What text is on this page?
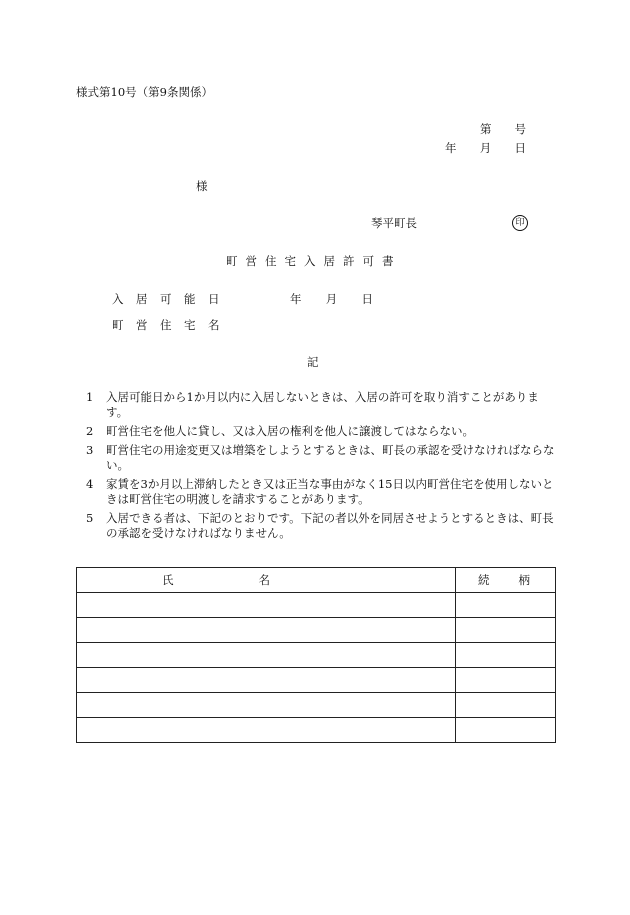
様式第10号（第9条関係）
第 号
年 月 日
様
琴平町長	印
町営住宅入居許可書
入居可能日	年 月 日
町営住宅名
記
1	入居可能日から1か月以内に入居しないときは、入居の許可を取り消すことがあります。
2	町営住宅を他人に貸し、又は入居の権利を他人に譲渡してはならない。
3	町営住宅の用途変更又は増築をしようとするときは、町長の承認を受けなければならない。
4	家賃を3か月以上滞納したとき又は正当な事由がなく15日以内町営住宅を使用しないときは町営住宅の明渡しを請求することがあります。
5	入居できる者は、下記のとおりです。下記の者以外を同居させようとするときは、町長の承認を受けなければなりません。
氏 名	続 柄
